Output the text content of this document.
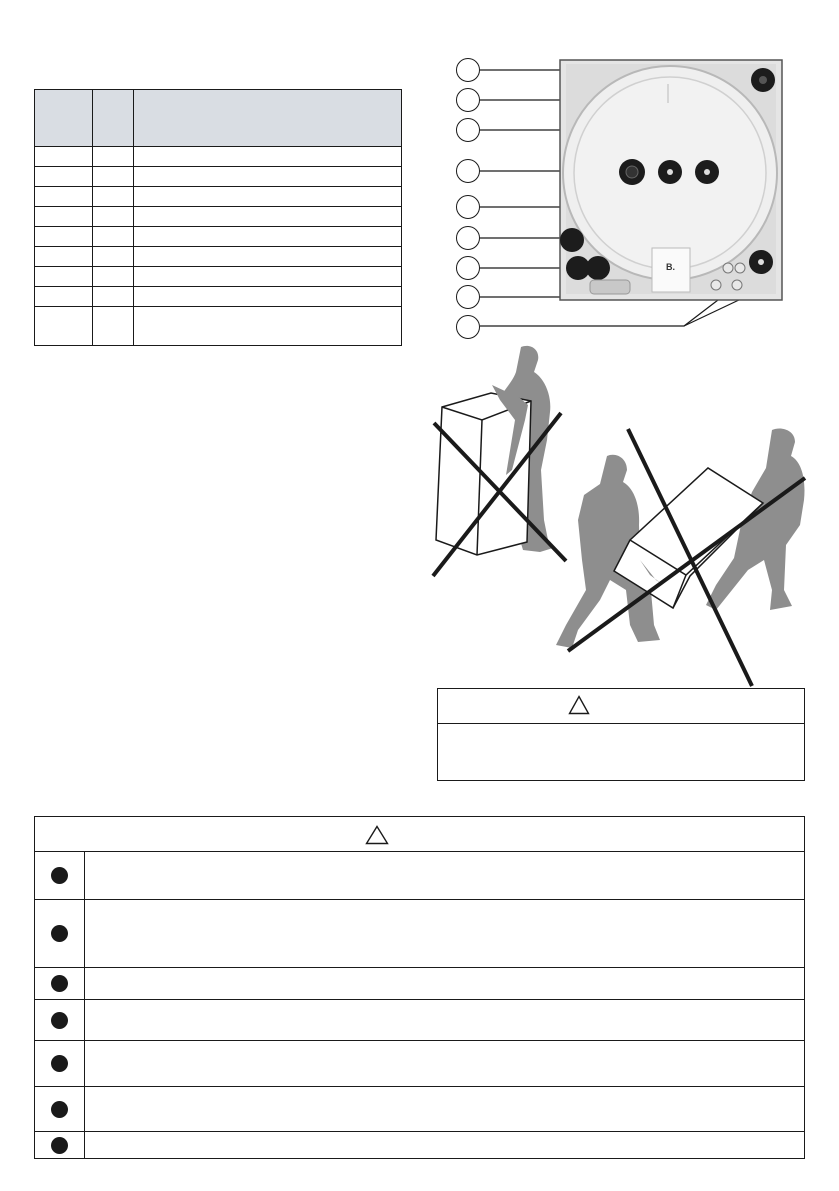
B.
